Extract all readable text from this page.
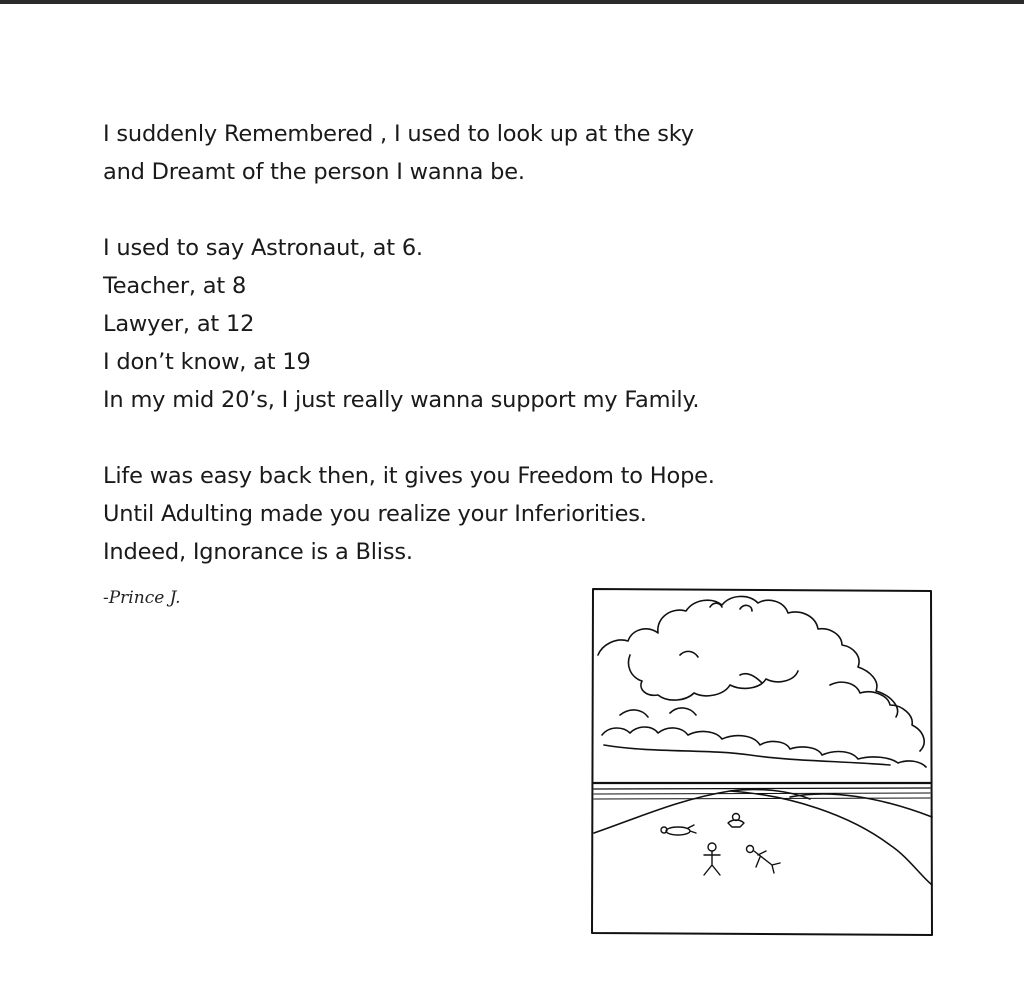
I suddenly Remembered , I used to look up at the sky
and Dreamt of the person I wanna be.

I used to say Astronaut, at 6.
Teacher, at 8
Lawyer, at 12
I don’t know, at 19
In my mid 20’s, I just really wanna support my Family.

Life was easy back then, it gives you Freedom to Hope.
Until Adulting made you realize your Inferiorities.
Indeed, Ignorance is a Bliss.

-Prince J.
